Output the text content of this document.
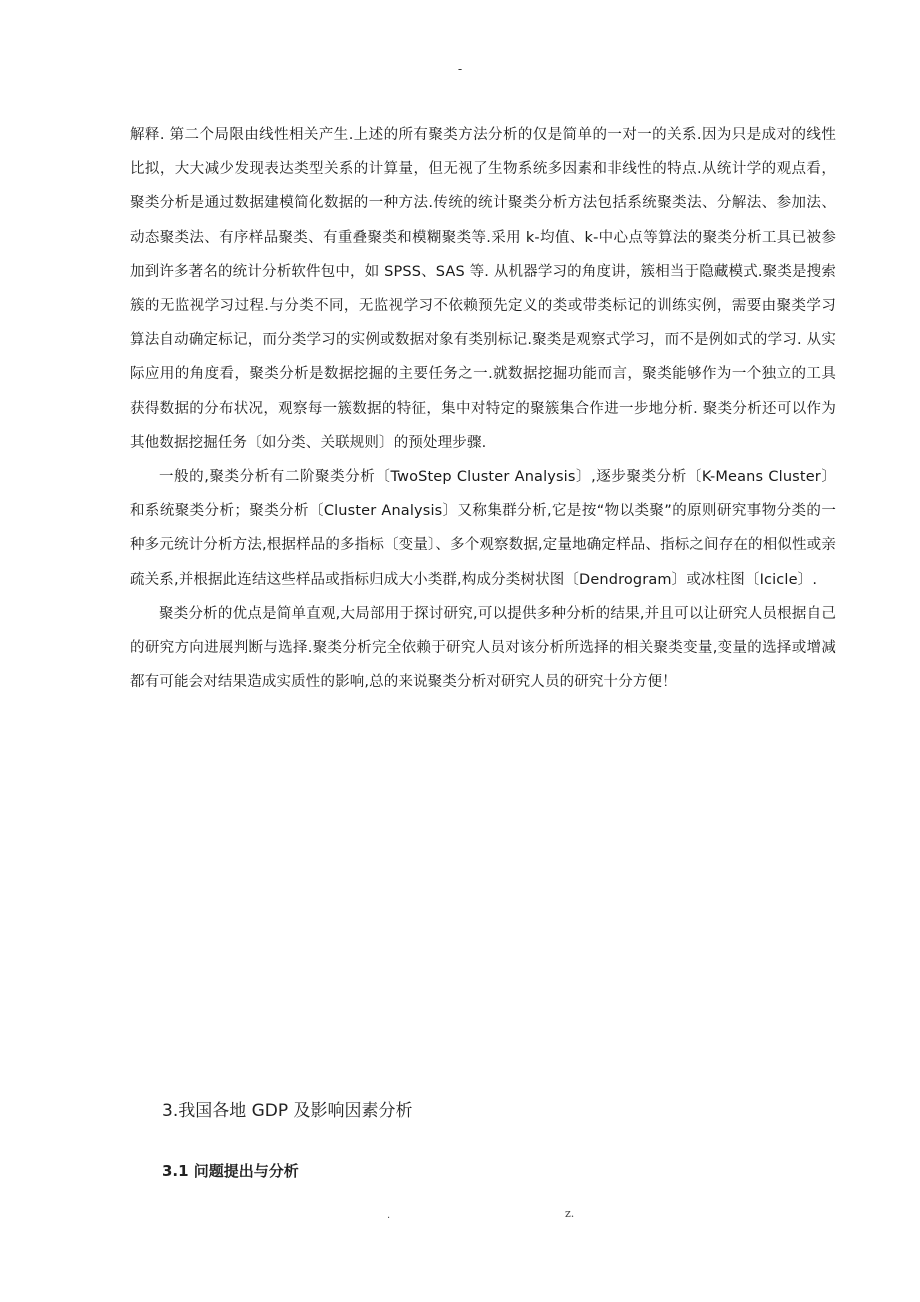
-

解释. 第二个局限由线性相关产生.上述的所有聚类方法分析的仅是简单的一对一的关系.因为只是成对的线性比拟，大大减少发现表达类型关系的计算量，但无视了生物系统多因素和非线性的特点.从统计学的观点看，聚类分析是通过数据建模简化数据的一种方法.传统的统计聚类分析方法包括系统聚类法、分解法、参加法、动态聚类法、有序样品聚类、有重叠聚类和模糊聚类等.采用 k-均值、k-中心点等算法的聚类分析工具已被参加到许多著名的统计分析软件包中，如 SPSS、SAS 等. 从机器学习的角度讲，簇相当于隐藏模式.聚类是搜索簇的无监视学习过程.与分类不同，无监视学习不依赖预先定义的类或带类标记的训练实例，需要由聚类学习算法自动确定标记，而分类学习的实例或数据对象有类别标记.聚类是观察式学习，而不是例如式的学习. 从实际应用的角度看，聚类分析是数据挖掘的主要任务之一.就数据挖掘功能而言，聚类能够作为一个独立的工具获得数据的分布状况，观察每一簇数据的特征，集中对特定的聚簇集合作进一步地分析. 聚类分析还可以作为其他数据挖掘任务〔如分类、关联规则〕的预处理步骤.

一般的,聚类分析有二阶聚类分析〔TwoStep Cluster Analysis〕,逐步聚类分析〔K-Means Cluster〕和系统聚类分析；聚类分析〔Cluster Analysis〕又称集群分析,它是按“物以类聚”的原则研究事物分类的一种多元统计分析方法,根据样品的多指标〔变量〕、多个观察数据,定量地确定样品、指标之间存在的相似性或亲疏关系,并根据此连结这些样品或指标归成大小类群,构成分类树状图〔Dendrogram〕或冰柱图〔Icicle〕.

聚类分析的优点是简单直观,大局部用于探讨研究,可以提供多种分析的结果,并且可以让研究人员根据自己的研究方向进展判断与选择.聚类分析完全依赖于研究人员对该分析所选择的相关聚类变量,变量的选择或增减都有可能会对结果造成实质性的影响,总的来说聚类分析对研究人员的研究十分方便！

3.我国各地 GDP 及影响因素分析
3.1 问题提出与分析
.	z.
